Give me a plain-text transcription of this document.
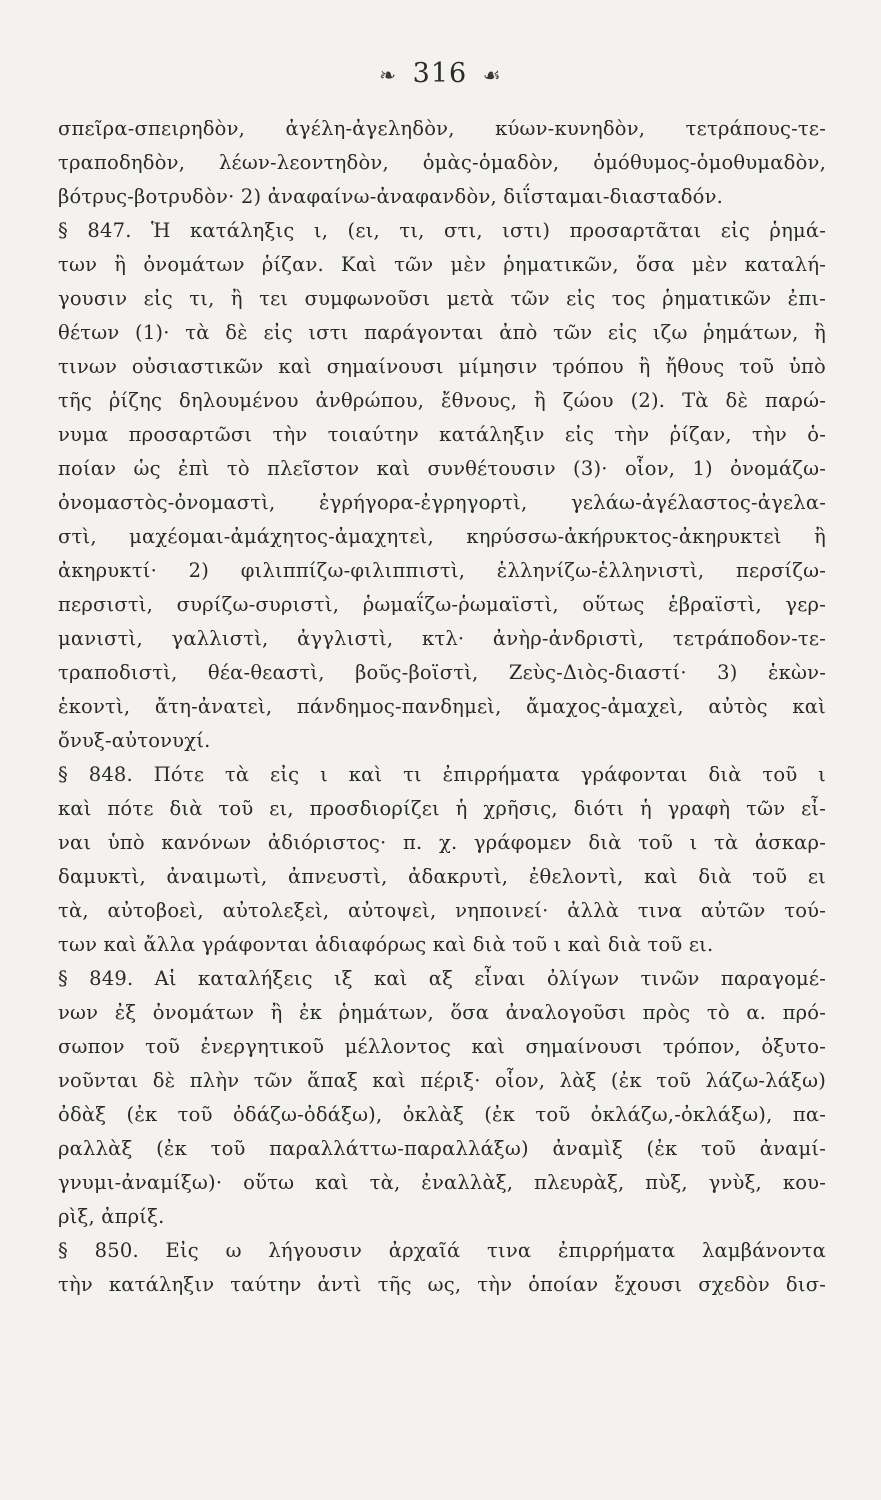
❧ 316 ☙
σπεῖρα-σπειρηδὸν, ἀγέλη-ἀγεληδὸν, κύων-κυνηδὸν, τετράπους-τε-
τραποδηδὸν, λέων-λεοντηδὸν, ὁμὰς-ὁμαδὸν, ὁμόθυμος-ὁμοθυμαδὸν,
βότρυς-βοτρυδὸν· 2) ἀναφαίνω-ἀναφανδὸν, διΐσταμαι-διασταδόν.
§ 847. Ἡ κατάληξις ι, (ει, τι, στι, ιστι) προσαρτᾶται εἰς ῥημά-
των ἢ ὀνομάτων ῥίζαν. Καὶ τῶν μὲν ῥηματικῶν, ὅσα μὲν καταλή-
γουσιν εἰς τι, ἢ τει συμφωνοῦσι μετὰ τῶν εἰς τος ῥηματικῶν ἐπι-
θέτων (1)· τὰ δὲ εἰς ιστι παράγονται ἀπὸ τῶν εἰς ιζω ῥημάτων, ἢ
τινων οὐσιαστικῶν καὶ σημαίνουσι μίμησιν τρόπου ἢ ἤθους τοῦ ὑπὸ
τῆς ῥίζης δηλουμένου ἀνθρώπου, ἔθνους, ἢ ζώου (2). Τὰ δὲ παρώ-
νυμα προσαρτῶσι τὴν τοιαύτην κατάληξιν εἰς τὴν ῥίζαν, τὴν ὁ-
ποίαν ὡς ἐπὶ τὸ πλεῖστον καὶ συνθέτουσιν (3)· οἷον, 1) ὀνομάζω-
ὀνομαστὸς-ὀνομαστὶ, ἐγρήγορα-ἐγρηγορτὶ, γελάω-ἀγέλαστος-ἀγελα-
στὶ, μαχέομαι-ἀμάχητος-ἀμαχητεὶ, κηρύσσω-ἀκήρυκτος-ἀκηρυκτεὶ ἢ
ἀκηρυκτί· 2) φιλιππίζω-φιλιππιστὶ, ἑλληνίζω-ἑλληνιστὶ, περσίζω-
περσιστὶ, συρίζω-συριστὶ, ῥωμαΐζω-ῥωμαϊστὶ, οὕτως ἑβραϊστὶ, γερ-
μανιστὶ, γαλλιστὶ, ἀγγλιστὶ, κτλ· ἀνὴρ-ἀνδριστὶ, τετράποδον-τε-
τραποδιστὶ, θέα-θεαστὶ, βοῦς-βοϊστὶ, Ζεὺς-Διὸς-διαστί· 3) ἑκὼν-
ἑκοντὶ, ἄτη-ἀνατεὶ, πάνδημος-πανδημεὶ, ἄμαχος-ἀμαχεὶ, αὐτὸς καὶ
ὄνυξ-αὐτονυχί.
§ 848. Πότε τὰ εἰς ι καὶ τι ἐπιρρήματα γράφονται διὰ τοῦ ι
καὶ πότε διὰ τοῦ ει, προσδιορίζει ἡ χρῆσις, διότι ἡ γραφὴ τῶν εἶ-
ναι ὑπὸ κανόνων ἀδιόριστος· π. χ. γράφομεν διὰ τοῦ ι τὰ ἀσκαρ-
δαμυκτὶ, ἀναιμωτὶ, ἀπνευστὶ, ἀδακρυτὶ, ἐθελοντὶ, καὶ διὰ τοῦ ει
τὰ, αὐτοβοεὶ, αὐτολεξεὶ, αὐτοψεὶ, νηποινεί· ἀλλὰ τινα αὐτῶν τού-
των καὶ ἄλλα γράφονται ἀδιαφόρως καὶ διὰ τοῦ ι καὶ διὰ τοῦ ει.
§ 849. Αἱ καταλήξεις ιξ καὶ αξ εἶναι ὀλίγων τινῶν παραγομέ-
νων ἐξ ὀνομάτων ἢ ἐκ ῥημάτων, ὅσα ἀναλογοῦσι πρὸς τὸ α. πρό-
σωπον τοῦ ἐνεργητικοῦ μέλλοντος καὶ σημαίνουσι τρόπον, ὀξυτο-
νοῦνται δὲ πλὴν τῶν ἅπαξ καὶ πέριξ· οἷον, λὰξ (ἐκ τοῦ λάζω-λάξω)
ὀδὰξ (ἐκ τοῦ ὀδάζω-ὀδάξω), ὀκλὰξ (ἐκ τοῦ ὀκλάζω,-ὀκλάξω), πα-
ραλλὰξ (ἐκ τοῦ παραλλάττω-παραλλάξω) ἀναμὶξ (ἐκ τοῦ ἀναμί-
γνυμι-ἀναμίξω)· οὕτω καὶ τὰ, ἐναλλὰξ, πλευρὰξ, πὺξ, γνὺξ, κου-
ρὶξ, ἀπρίξ.
§ 850. Εἰς ω λήγουσιν ἀρχαῖά τινα ἐπιρρήματα λαμβάνοντα
τὴν κατάληξιν ταύτην ἀντὶ τῆς ως, τὴν ὁποίαν ἔχουσι σχεδὸν δισ-
